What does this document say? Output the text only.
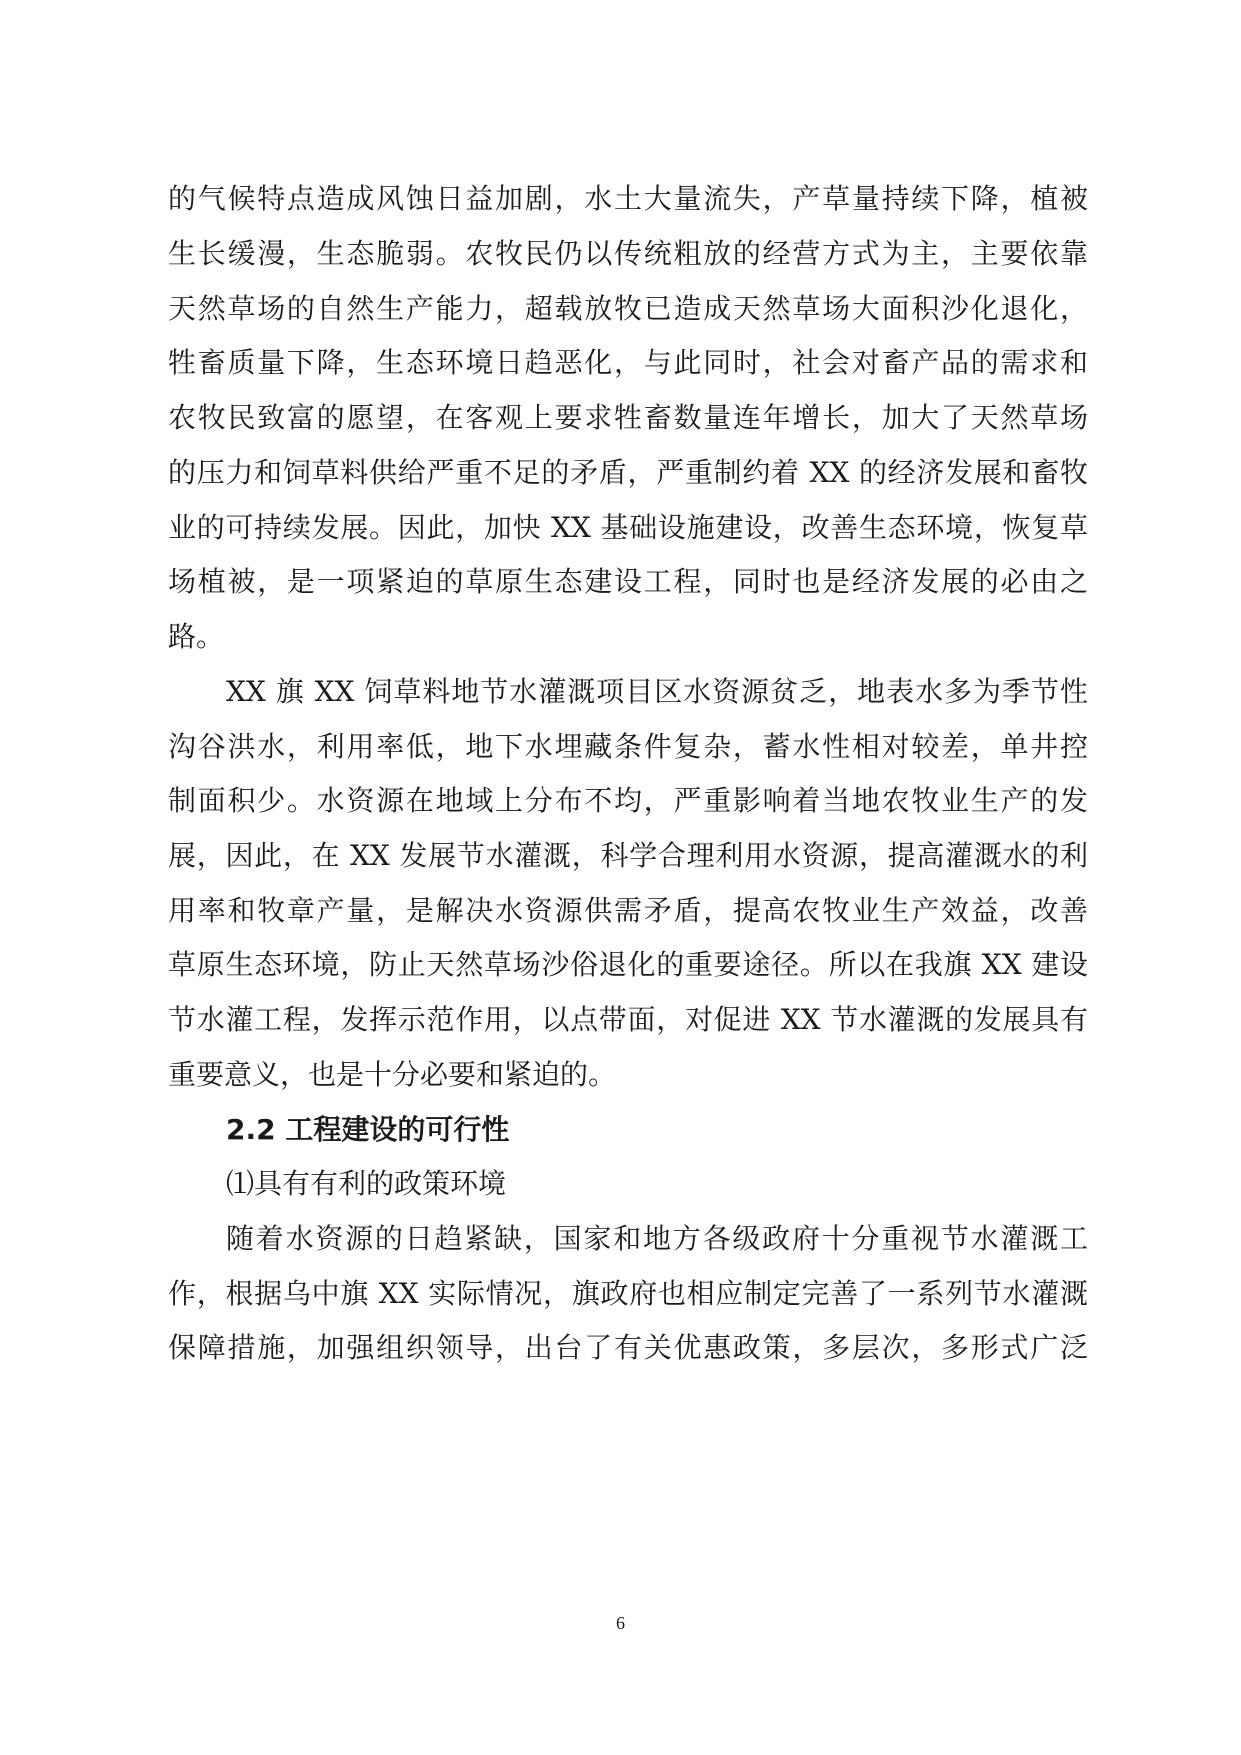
的气候特点造成风蚀日益加剧，水土大量流失，产草量持续下降，植被
生长缓漫，生态脆弱。农牧民仍以传统粗放的经营方式为主，主要依靠
天然草场的自然生产能力，超载放牧已造成天然草场大面积沙化退化，
牲畜质量下降，生态环境日趋恶化，与此同时，社会对畜产品的需求和
农牧民致富的愿望，在客观上要求牲畜数量连年增长，加大了天然草场
的压力和饲草料供给严重不足的矛盾，严重制约着 XX 的经济发展和畜牧
业的可持续发展。因此，加快 XX 基础设施建设，改善生态环境，恢复草
场植被，是一项紧迫的草原生态建设工程，同时也是经济发展的必由之
路。
XX 旗 XX 饲草料地节水灌溉项目区水资源贫乏，地表水多为季节性
沟谷洪水，利用率低，地下水埋藏条件复杂，蓄水性相对较差，单井控
制面积少。水资源在地域上分布不均，严重影响着当地农牧业生产的发
展，因此，在 XX 发展节水灌溉，科学合理利用水资源，提高灌溉水的利
用率和牧章产量，是解决水资源供需矛盾，提高农牧业生产效益，改善
草原生态环境，防止天然草场沙俗退化的重要途径。所以在我旗 XX 建设
节水灌工程，发挥示范作用，以点带面，对促进 XX 节水灌溉的发展具有
重要意义，也是十分必要和紧迫的。
2.2 工程建设的可行性
⑴具有有利的政策环境
随着水资源的日趋紧缺，国家和地方各级政府十分重视节水灌溉工
作，根据乌中旗 XX 实际情况，旗政府也相应制定完善了一系列节水灌溉
保障措施，加强组织领导，出台了有关优惠政策，多层次，多形式广泛
6
